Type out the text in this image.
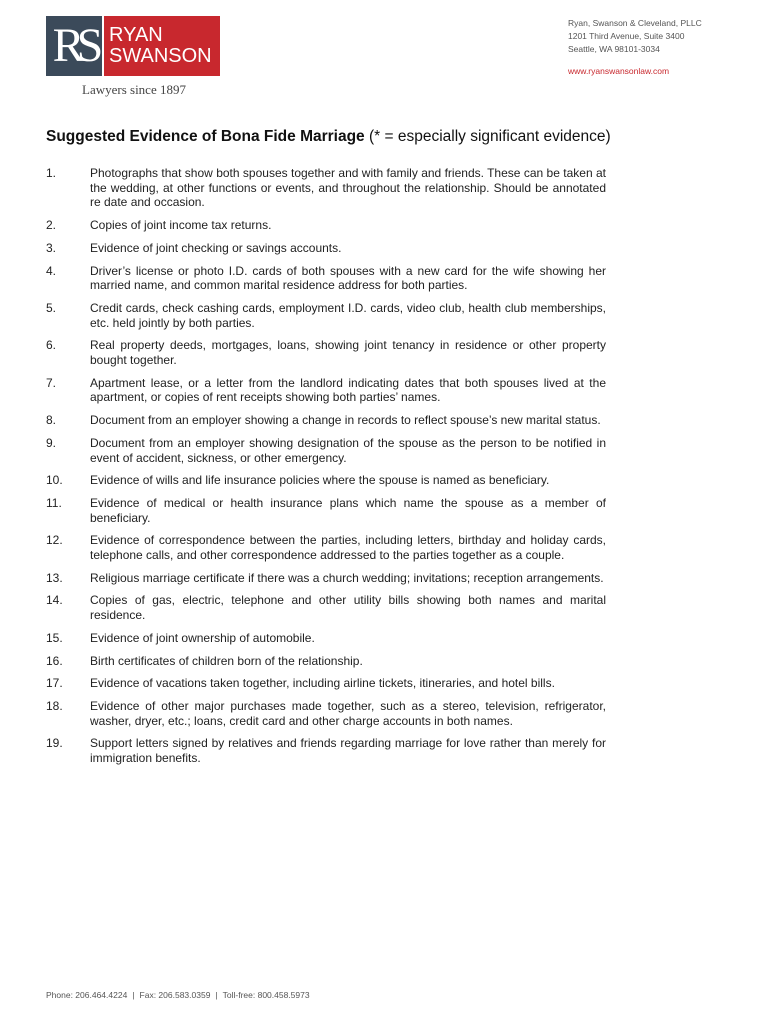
RS RYAN
SWANSON
Lawyers since 1897
Ryan, Swanson & Cleveland, PLLC
1201 Third Avenue, Suite 3400
Seattle, WA 98101-3034
www.ryanswansonlaw.com
Suggested Evidence of Bona Fide Marriage (* = especially significant evidence)
1.	Photographs that show both spouses together and with family and friends. These can be taken at the wedding, at other functions or events, and throughout the relationship. Should be annotated re date and occasion.
2.	Copies of joint income tax returns.
3.	Evidence of joint checking or savings accounts.
4.	Driver’s license or photo I.D. cards of both spouses with a new card for the wife showing her married name, and common marital residence address for both parties.
5.	Credit cards, check cashing cards, employment I.D. cards, video club, health club memberships, etc. held jointly by both parties.
6.	Real property deeds, mortgages, loans, showing joint tenancy in residence or other property bought together.
7.	Apartment lease, or a letter from the landlord indicating dates that both spouses lived at the apartment, or copies of rent receipts showing both parties’ names.
8.	Document from an employer showing a change in records to reflect spouse’s new marital status.
9.	Document from an employer showing designation of the spouse as the person to be notified in event of accident, sickness, or other emergency.
10. Evidence of wills and life insurance policies where the spouse is named as beneficiary.
11. Evidence of medical or health insurance plans which name the spouse as a member of beneficiary.
12. Evidence of correspondence between the parties, including letters, birthday and holiday cards, telephone calls, and other correspondence addressed to the parties together as a couple.
13. Religious marriage certificate if there was a church wedding; invitations; reception arrangements.
14. Copies of gas, electric, telephone and other utility bills showing both names and marital residence.
15. Evidence of joint ownership of automobile.
16. Birth certificates of children born of the relationship.
17. Evidence of vacations taken together, including airline tickets, itineraries, and hotel bills.
18. Evidence of other major purchases made together, such as a stereo, television, refrigerator, washer, dryer, etc.; loans, credit card and other charge accounts in both names.
19. Support letters signed by relatives and friends regarding marriage for love rather than merely for immigration benefits.
Phone: 206.464.4224 | Fax: 206.583.0359 | Toll-free: 800.458.5973
